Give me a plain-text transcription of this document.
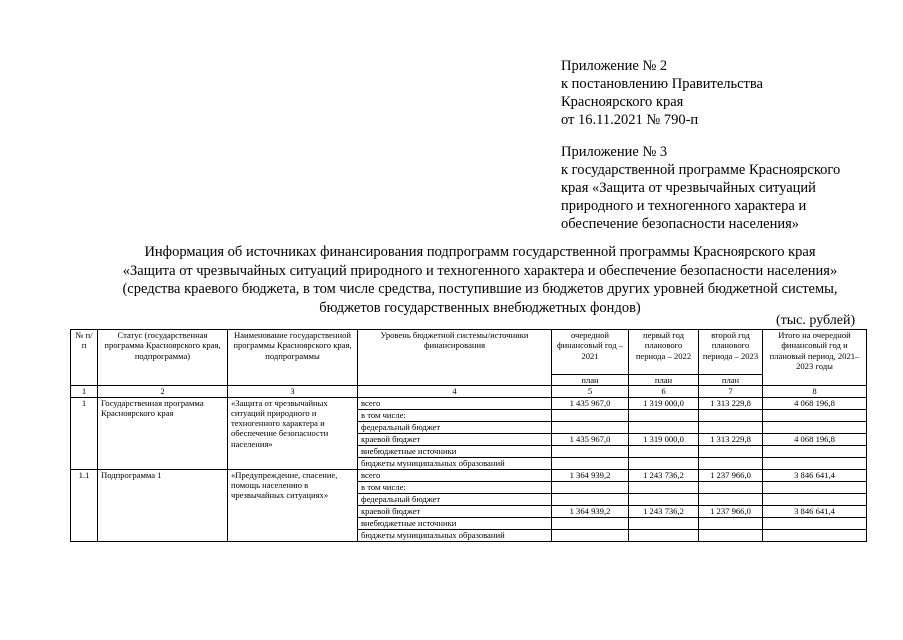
Приложение № 2
к постановлению Правительства
Красноярского края
от 16.11.2021 № 790-п
Приложение № 3
к государственной программе Красноярского
края «Защита от чрезвычайных ситуаций
природного и техногенного характера и
обеспечение безопасности населения»
Информация об источниках финансирования подпрограмм государственной программы Красноярского края
«Защита от чрезвычайных ситуаций природного и техногенного характера и обеспечение безопасности населения»
(средства краевого бюджета, в том числе средства, поступившие из бюджетов других уровней бюджетной системы,
бюджетов государственных внебюджетных фондов)
(тыс. рублей)
№ п/п	Статус (государственная программа Красноярского края, подпрограмма)	Наименование государственной программы Красноярского края, подпрограммы	Уровень бюджетной системы/источники финансирования	очередной финансовый год – 2021	первый год планового периода – 2022	второй год планового периода – 2023	Итого на очередной финансовый год и плановый период, 2021–2023 годы
				план	план	план	
1	2	3	4	5	6	7	8
1	Государственная программа Красноярского края	«Защита от чрезвычайных ситуаций природного и техногенного характера и обеспечение безопасности населения»	всего	1 435 967,0	1 319 000,0	1 313 229,8	4 068 196,8
			в том числе:				
			федеральный бюджет				
			краевой бюджет	1 435 967,0	1 319 000,0	1 313 229,8	4 068 196,8
			внебюджетные источники				
			бюджеты муниципальных образований				
1.1	Подпрограмма 1	«Предупреждение, спасение, помощь населению в чрезвычайных ситуациях»	всего	1 364 939,2	1 243 736,2	1 237 966,0	3 846 641,4
			в том числе:				
			федеральный бюджет				
			краевой бюджет	1 364 939,2	1 243 736,2	1 237 966,0	3 846 641,4
			внебюджетные источники				
			бюджеты муниципальных образований				
